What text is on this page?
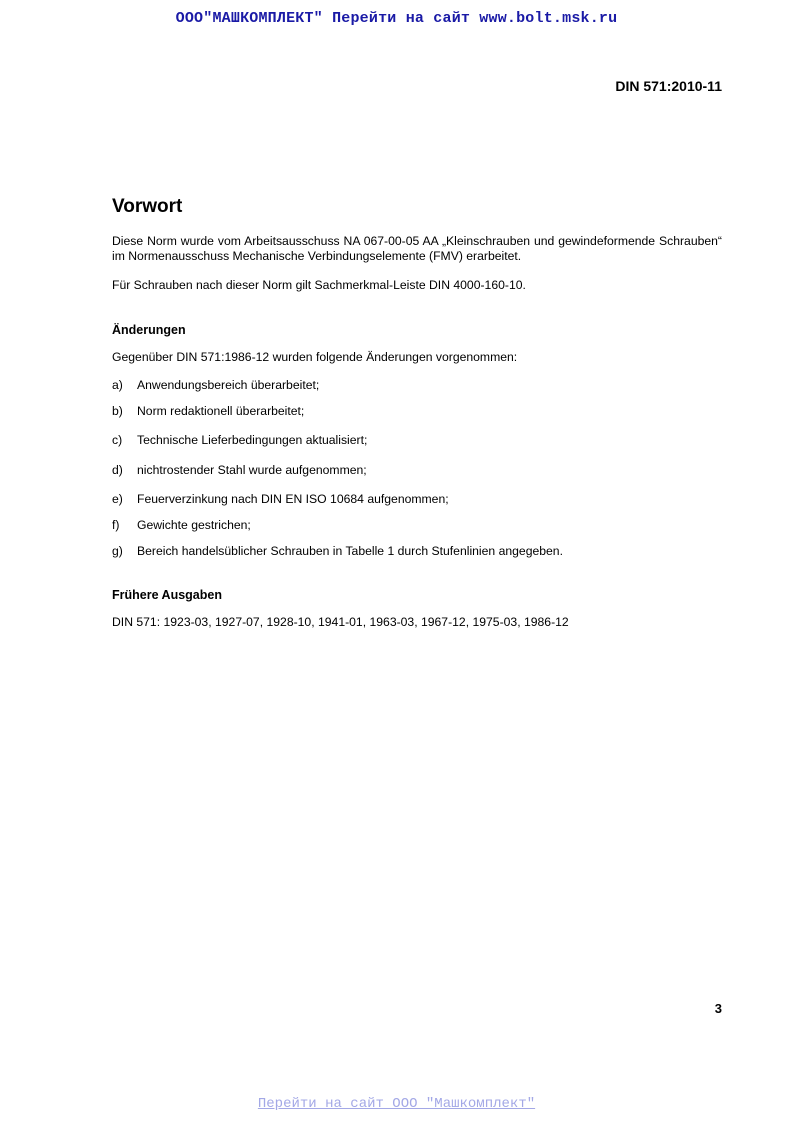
ООО"МАШКОМПЛЕКТ" Перейти на сайт www.bolt.msk.ru
DIN 571:2010-11
Vorwort

Diese Norm wurde vom Arbeitsausschuss NA 067-00-05 AA „Kleinschrauben und gewindeformende Schrauben“ im Normenausschuss Mechanische Verbindungselemente (FMV) erarbeitet.

Für Schrauben nach dieser Norm gilt Sachmerkmal-Leiste DIN 4000-160-10.

Änderungen

Gegenüber DIN 571:1986-12 wurden folgende Änderungen vorgenommen:

a)	Anwendungsbereich überarbeitet;
b)	Norm redaktionell überarbeitet;
c)	Technische Lieferbedingungen aktualisiert;
d)	nichtrostender Stahl wurde aufgenommen;
e)	Feuerverzinkung nach DIN EN ISO 10684 aufgenommen;
f)	Gewichte gestrichen;
g)	Bereich handelsüblicher Schrauben in Tabelle 1 durch Stufenlinien angegeben.
Frühere Ausgaben

DIN 571: 1923-03, 1927-07, 1928-10, 1941-01, 1963-03, 1967-12, 1975-03, 1986-12

3
Перейти на сайт ООО "Машкомплект"
